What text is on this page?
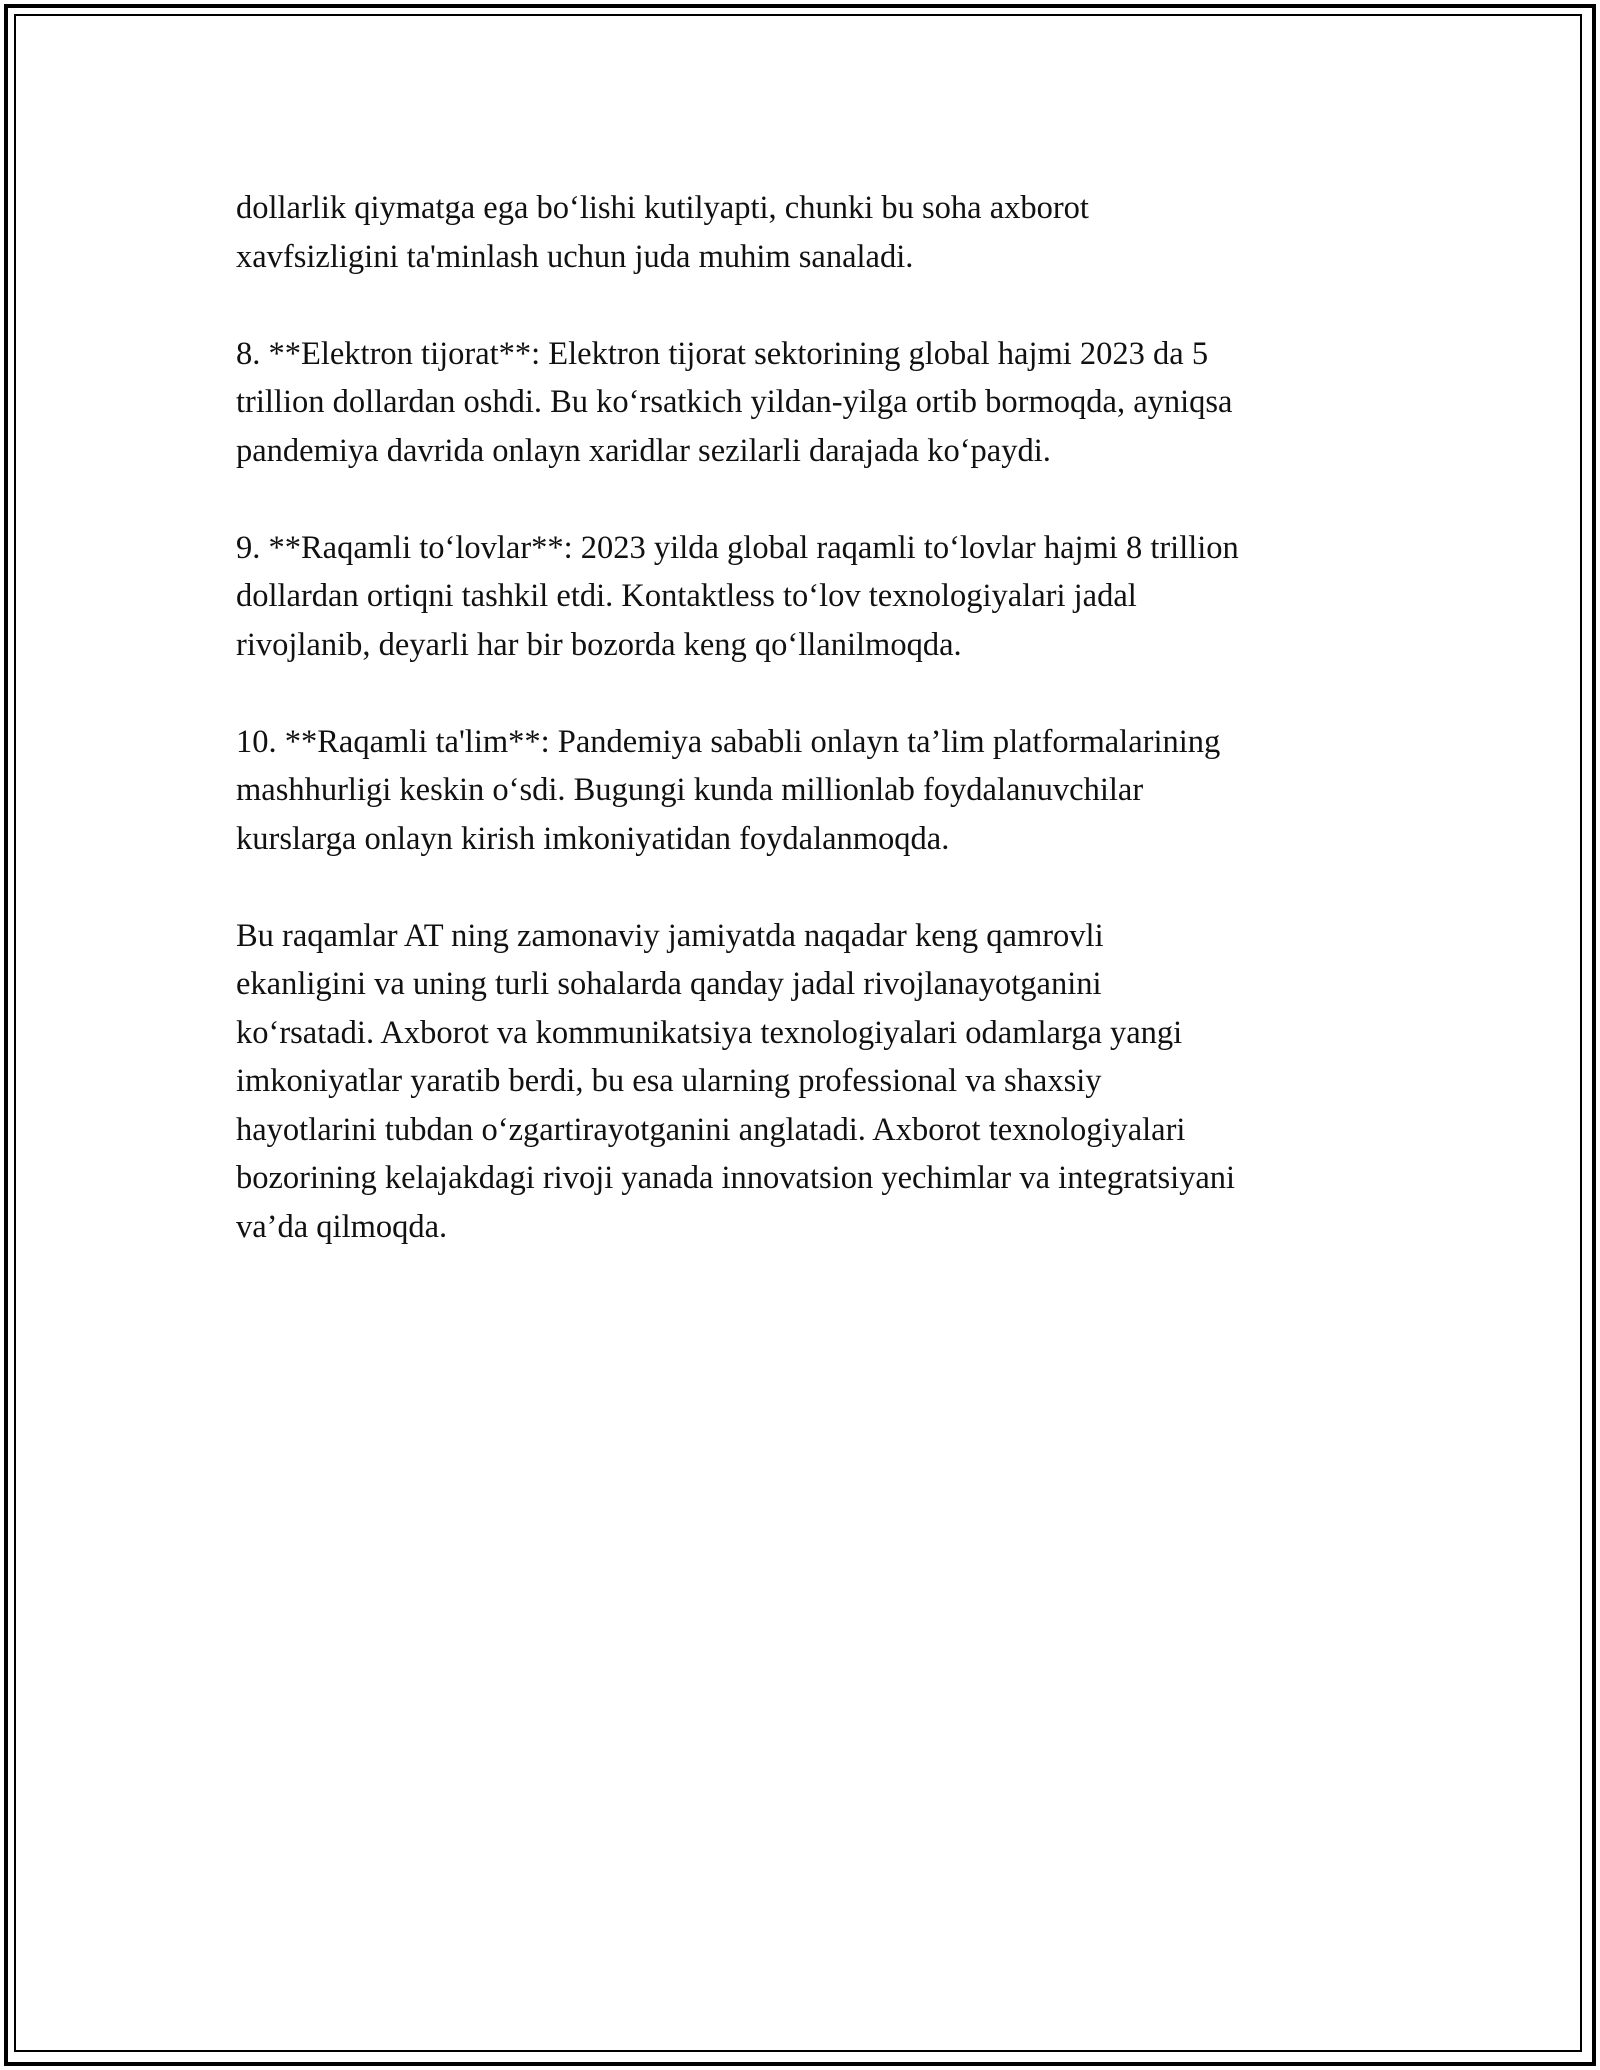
dollarlik qiymatga ega bo‘lishi kutilyapti, chunki bu soha axborot
xavfsizligini ta'minlash uchun juda muhim sanaladi.

8. **Elektron tijorat**: Elektron tijorat sektorining global hajmi 2023 da 5
trillion dollardan oshdi. Bu ko‘rsatkich yildan-yilga ortib bormoqda, ayniqsa
pandemiya davrida onlayn xaridlar sezilarli darajada ko‘paydi.

9. **Raqamli to‘lovlar**: 2023 yilda global raqamli to‘lovlar hajmi 8 trillion
dollardan ortiqni tashkil etdi. Kontaktless to‘lov texnologiyalari jadal
rivojlanib, deyarli har bir bozorda keng qo‘llanilmoqda.

10. **Raqamli ta'lim**: Pandemiya sababli onlayn ta’lim platformalarining
mashhurligi keskin o‘sdi. Bugungi kunda millionlab foydalanuvchilar
kurslarga onlayn kirish imkoniyatidan foydalanmoqda.

Bu raqamlar AT ning zamonaviy jamiyatda naqadar keng qamrovli
ekanligini va uning turli sohalarda qanday jadal rivojlanayotganini
ko‘rsatadi. Axborot va kommunikatsiya texnologiyalari odamlarga yangi
imkoniyatlar yaratib berdi, bu esa ularning professional va shaxsiy
hayotlarini tubdan o‘zgartirayotganini anglatadi. Axborot texnologiyalari
bozorining kelajakdagi rivoji yanada innovatsion yechimlar va integratsiyani
va’da qilmoqda.
